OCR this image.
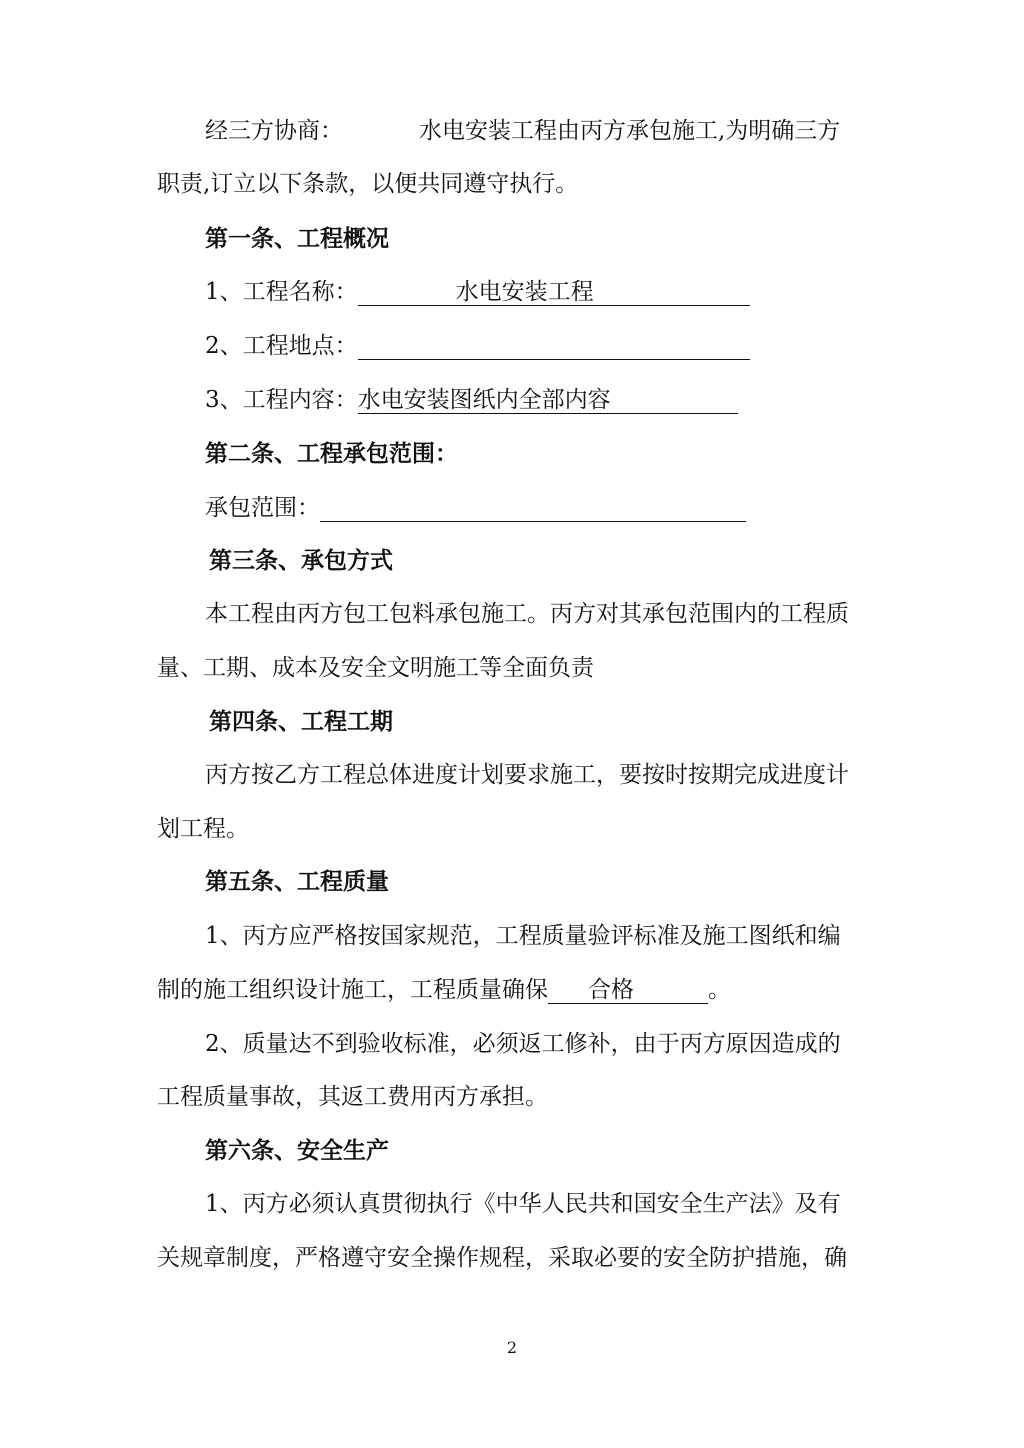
经三方协商：	水电安装工程由丙方承包施工,为明确三方
职责,订立以下条款，以便共同遵守执行。
第一条、工程概况
1、工程名称：	水电安装工程
2、工程地点：
3、工程内容：水电安装图纸内全部内容
第二条、工程承包范围：
承包范围：
第三条、承包方式
本工程由丙方包工包料承包施工。丙方对其承包范围内的工程质
量、工期、成本及安全文明施工等全面负责
第四条、工程工期
丙方按乙方工程总体进度计划要求施工，要按时按期完成进度计
划工程。
第五条、工程质量
1、丙方应严格按国家规范，工程质量验评标准及施工图纸和编
制的施工组织设计施工，工程质量确保 合格	。
2、质量达不到验收标准，必须返工修补，由于丙方原因造成的
工程质量事故，其返工费用丙方承担。
第六条、安全生产
1、丙方必须认真贯彻执行《中华人民共和国安全生产法》及有
关规章制度，严格遵守安全操作规程，采取必要的安全防护措施，确
2
